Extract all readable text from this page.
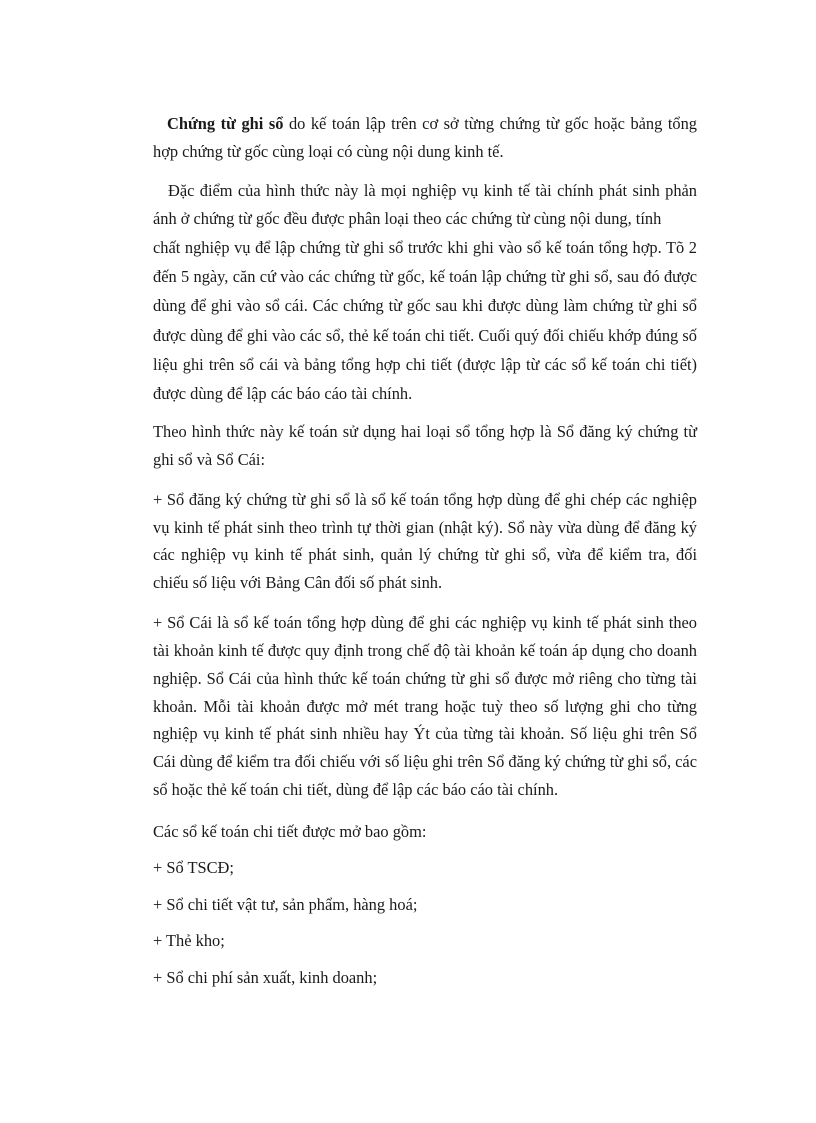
Chứng từ ghi sổ do kế toán lập trên cơ sở từng chứng từ gốc hoặc bảng tổng hợp chứng từ gốc cùng loại có cùng nội dung kinh tế.

Đặc điểm của hình thức này là mọi nghiệp vụ kinh tế tài chính phát sinh phản ánh ở chứng từ gốc đều được phân loại theo các chứng từ cùng nội dung, tính

chất nghiệp vụ để lập chứng từ ghi sổ trước khi ghi vào sổ kế toán tổng hợp. Tõ 2 đến 5 ngày, căn cứ vào các chứng từ gốc, kế toán lập chứng từ ghi sổ, sau đó được dùng để ghi vào sổ cái. Các chứng từ gốc sau khi được dùng làm chứng từ ghi sổ được dùng để ghi vào các sổ, thẻ kế toán chi tiết. Cuối quý đối chiếu khớp đúng số liệu ghi trên sổ cái và bảng tổng hợp chi tiết (được lập từ các sổ kế toán chi tiết) được dùng để lập các báo cáo tài chính.

Theo hình thức này kế toán sử dụng hai loại sổ tổng hợp là Sổ đăng ký chứng từ ghi sổ và Sổ Cái:

+ Sổ đăng ký chứng từ ghi sổ là sổ kế toán tổng hợp dùng để ghi chép các nghiệp vụ kinh tế phát sinh theo trình tự thời gian (nhật ký). Sổ này vừa dùng để đăng ký các nghiệp vụ kinh tế phát sinh, quản lý chứng từ ghi sổ, vừa để kiểm tra, đối chiếu số liệu với Bảng Cân đối số phát sinh.

+ Sổ Cái là sổ kế toán tổng hợp dùng để ghi các nghiệp vụ kinh tế phát sinh theo tài khoản kinh tế được quy định trong chế độ tài khoản kế toán áp dụng cho doanh nghiệp. Sổ Cái của hình thức kế toán chứng từ ghi sổ được mở riêng cho từng tài khoản. Mỗi tài khoản được mở mét trang hoặc tuỳ theo số lượng ghi cho từng nghiệp vụ kinh tế phát sinh nhiều hay Ýt của từng tài khoản. Số liệu ghi trên Sổ Cái dùng để kiểm tra đối chiếu với số liệu ghi trên Sổ đăng ký chứng từ ghi sổ, các sổ hoặc thẻ kế toán chi tiết, dùng để lập các báo cáo tài chính.

Các sổ kế toán chi tiết được mở bao gồm:

+ Sổ TSCĐ;

+ Sổ chi tiết vật tư, sản phẩm, hàng hoá;

+ Thẻ kho;

+ Sổ chi phí sản xuất, kinh doanh;
